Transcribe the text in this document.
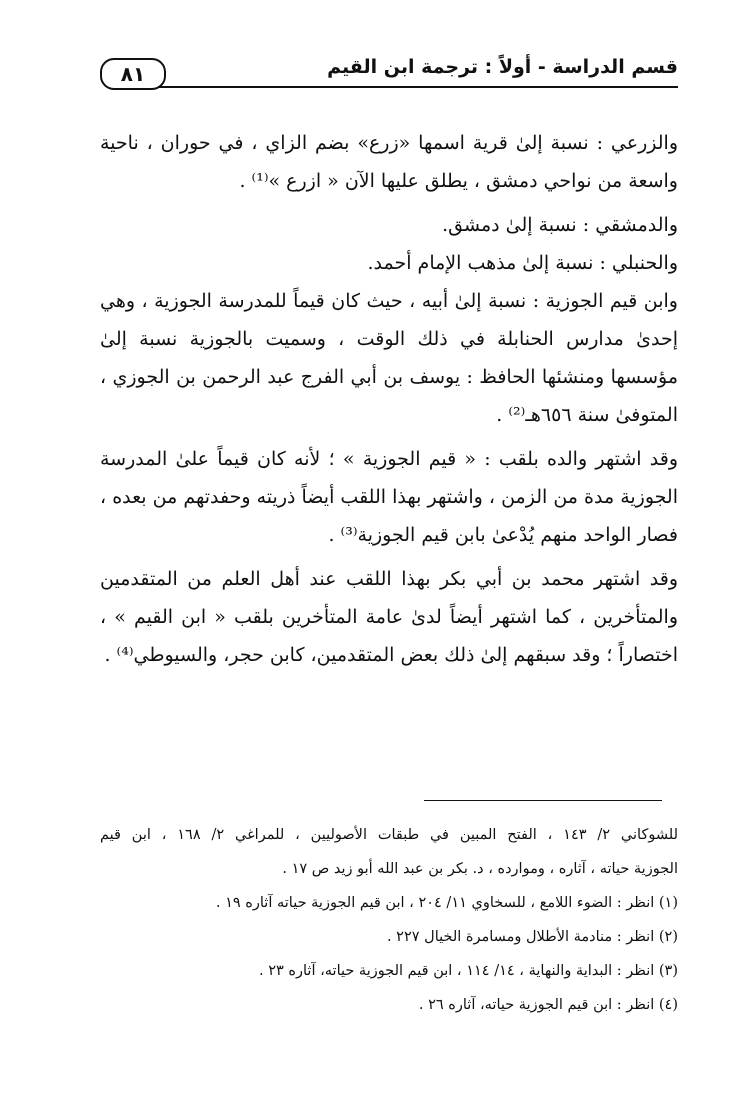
٨١	قسم الدراسة - أولاً : ترجمة ابن القيم
والزرعي : نسبة إلىٰ قرية اسمها «زرع» بضم الزاي ، في حوران ، ناحية
واسعة من نواحي دمشق ، يطلق عليها الآن « ازرع »⁽¹⁾ .
والدمشقي : نسبة إلىٰ دمشق.
والحنبلي : نسبة إلىٰ مذهب الإمام أحمد.
وابن قيم الجوزية : نسبة إلىٰ أبيه ، حيث كان قيماً للمدرسة الجوزية ، وهي
إحدىٰ مدارس الحنابلة في ذلك الوقت ، وسميت بالجوزية نسبة إلىٰ
مؤسسها ومنشئها الحافظ : يوسف بن أبي الفرج عبد الرحمن بن الجوزي ،
المتوفىٰ سنة ٦٥٦هـ⁽²⁾ .
وقد اشتهر والده بلقب : « قيم الجوزية » ؛ لأنه كان قيماً علىٰ المدرسة
الجوزية مدة من الزمن ، واشتهر بهذا اللقب أيضاً ذريته وحفدتهم من بعده ،
فصار الواحد منهم يُدْعىٰ بابن قيم الجوزية⁽³⁾ .
وقد اشتهر محمد بن أبي بكر بهذا اللقب عند أهل العلم من المتقدمين
والمتأخرين ، كما اشتهر أيضاً لدىٰ عامة المتأخرين بلقب « ابن القيم » ،
اختصاراً ؛ وقد سبقهم إلىٰ ذلك بعض المتقدمين، كابن حجر، والسيوطي⁽⁴⁾ .
للشوكاني ٢/ ١٤٣ ، الفتح المبين في طبقات الأصوليين ، للمراغي ٢/ ١٦٨ ، ابن قيم
الجوزية حياته ، آثاره ، وموارده ، د. بكر بن عبد الله أبو زيد ص ١٧ .
(١) انظر : الضوء اللامع ، للسخاوي ١١/ ٢٠٤ ، ابن قيم الجوزية حياته آثاره ١٩ .
(٢) انظر : منادمة الأطلال ومسامرة الخيال ٢٢٧ .
(٣) انظر : البداية والنهاية ، ١٤/ ١١٤ ، ابن قيم الجوزية حياته، آثاره ٢٣ .
(٤) انظر : ابن قيم الجوزية حياته، آثاره ٢٦ .
